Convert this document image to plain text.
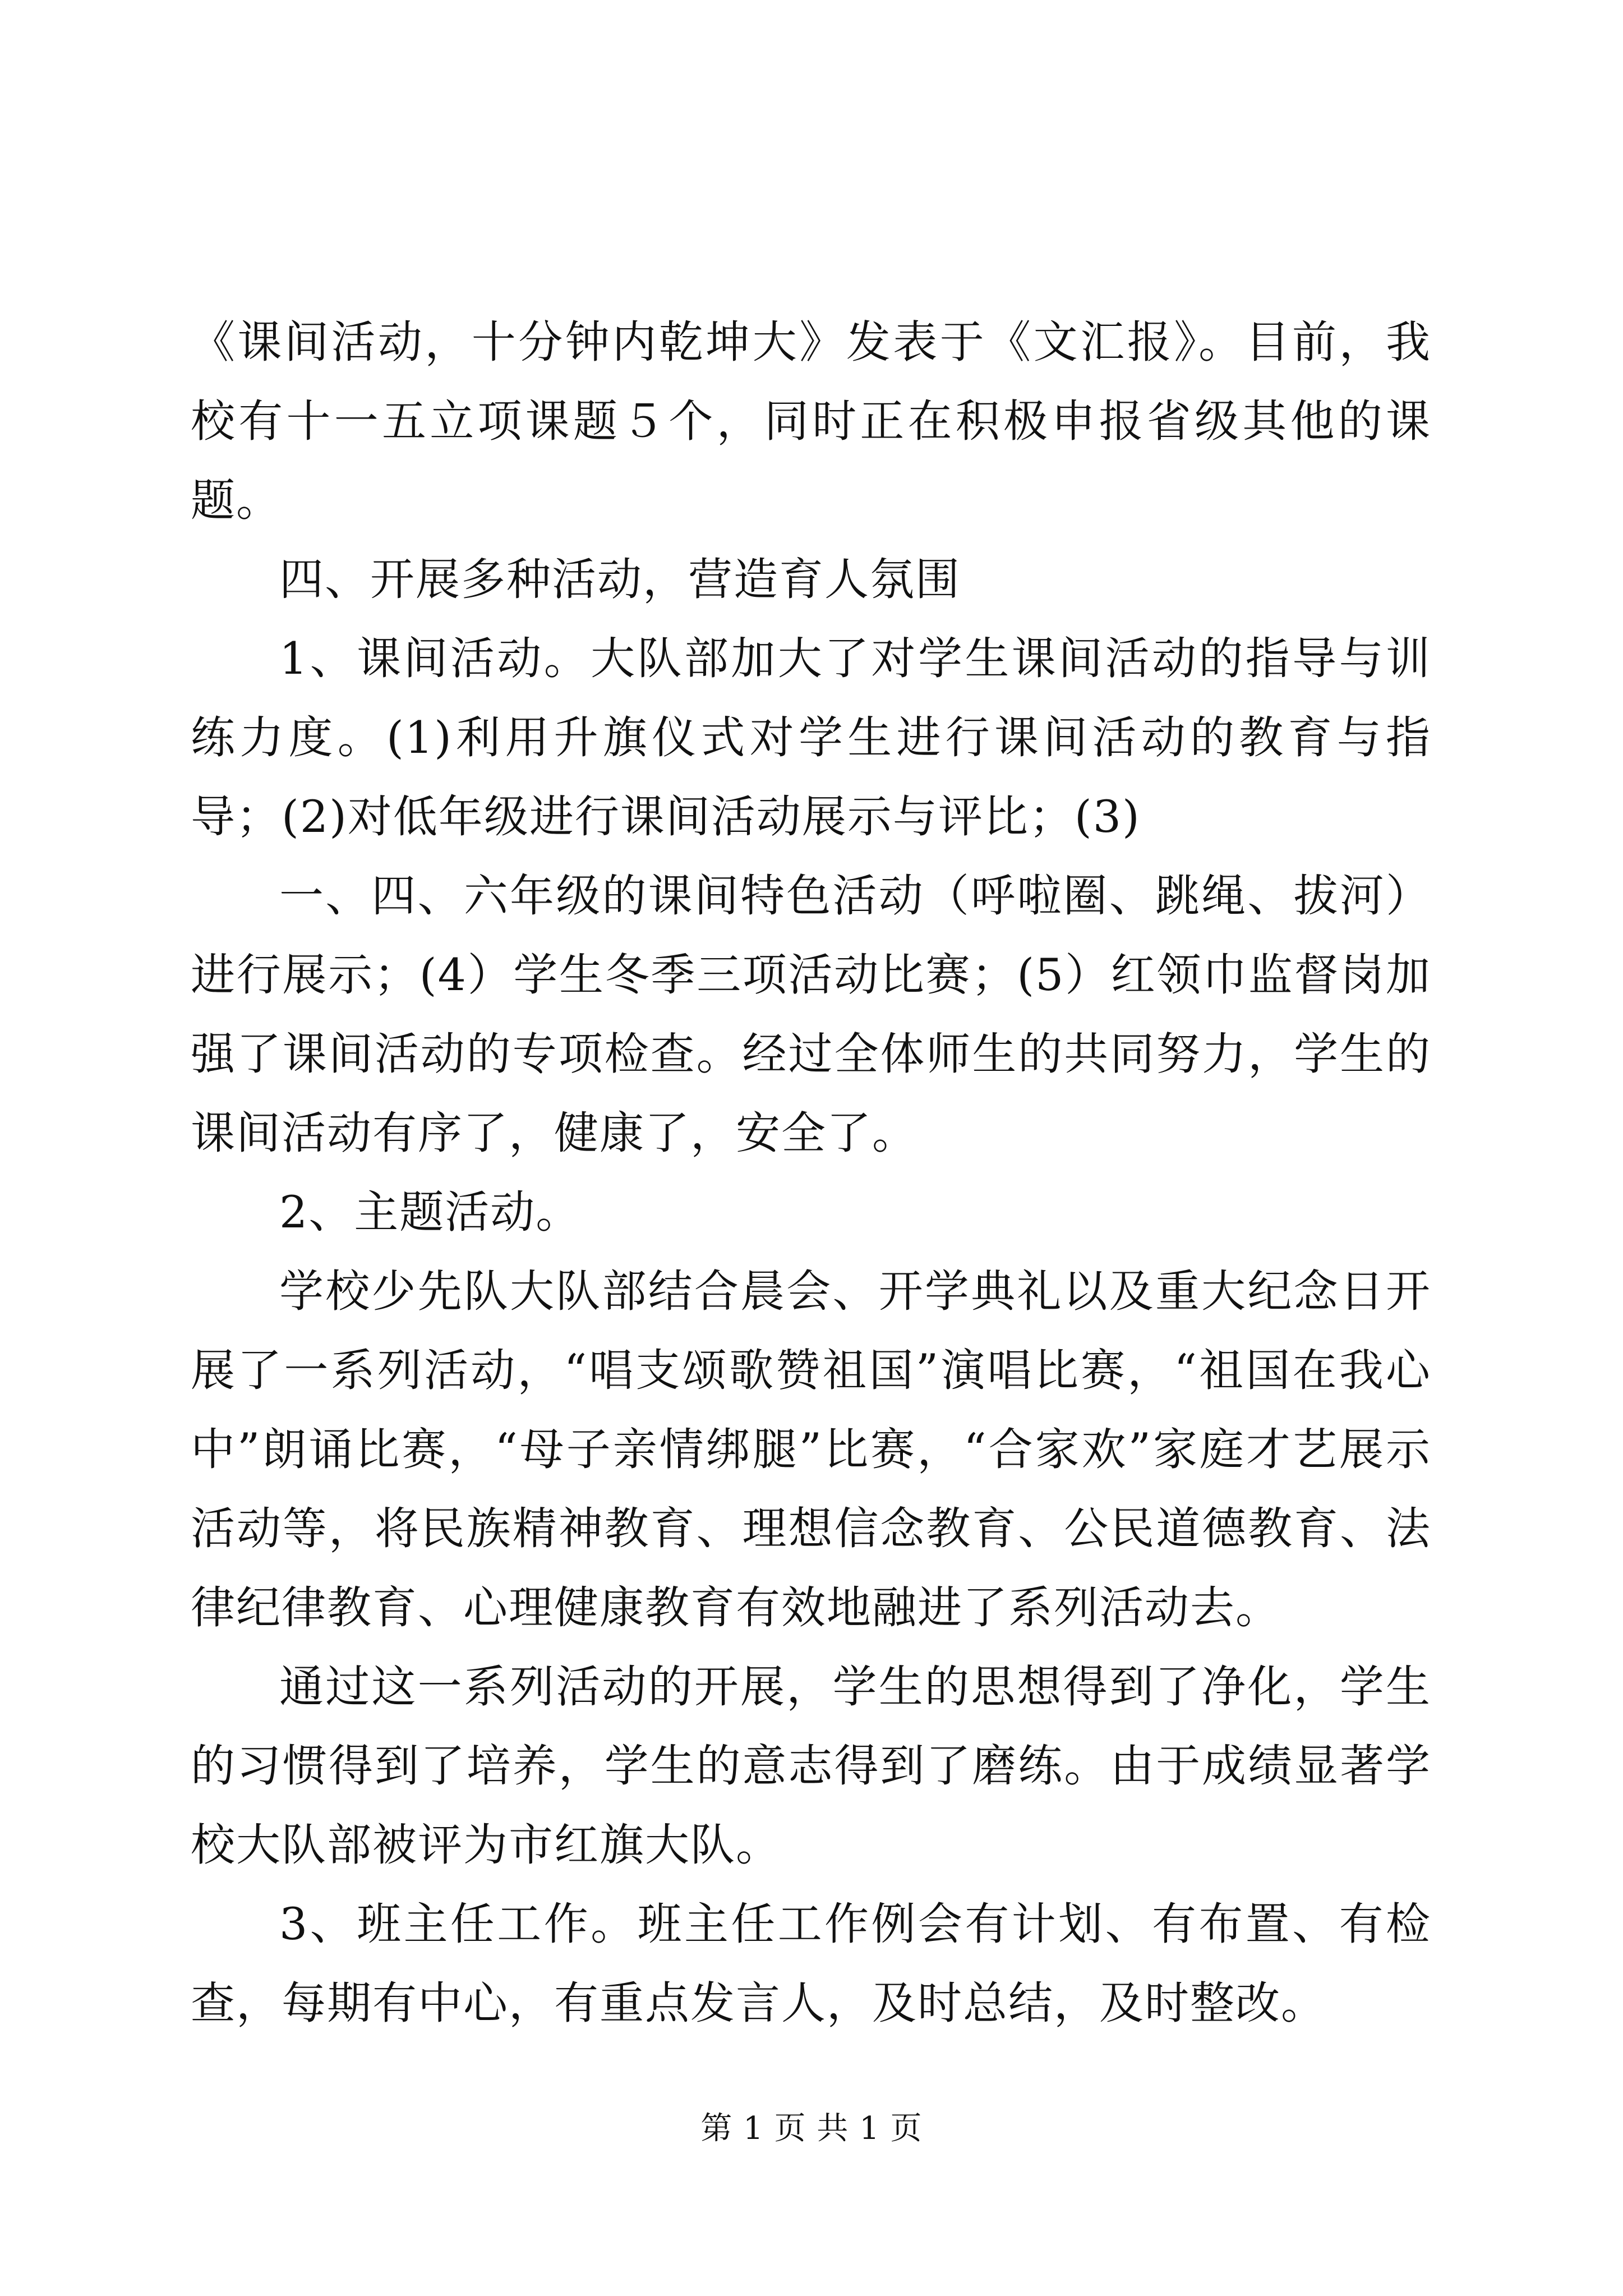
《课间活动，十分钟内乾坤大》发表于《文汇报》。目前，我校有十一五立项课题５个，同时正在积极申报省级其他的课题。

四、开展多种活动，营造育人氛围

1、课间活动。大队部加大了对学生课间活动的指导与训练力度。(1)利用升旗仪式对学生进行课间活动的教育与指导；(2)对低年级进行课间活动展示与评比；(3)

一、四、六年级的课间特色活动（呼啦圈、跳绳、拔河）进行展示；(4）学生冬季三项活动比赛；(5）红领巾监督岗加强了课间活动的专项检查。经过全体师生的共同努力，学生的课间活动有序了，健康了，安全了。

2、主题活动。

学校少先队大队部结合晨会、开学典礼以及重大纪念日开展了一系列活动，“唱支颂歌赞祖国”演唱比赛，“祖国在我心中”朗诵比赛，“母子亲情绑腿”比赛，“合家欢”家庭才艺展示活动等，将民族精神教育、理想信念教育、公民道德教育、法律纪律教育、心理健康教育有效地融进了系列活动去。

通过这一系列活动的开展，学生的思想得到了净化，学生的习惯得到了培养，学生的意志得到了磨练。由于成绩显著学校大队部被评为市红旗大队。

3、班主任工作。班主任工作例会有计划、有布置、有检查，每期有中心，有重点发言人，及时总结，及时整改。

第 1 页 共 1 页
